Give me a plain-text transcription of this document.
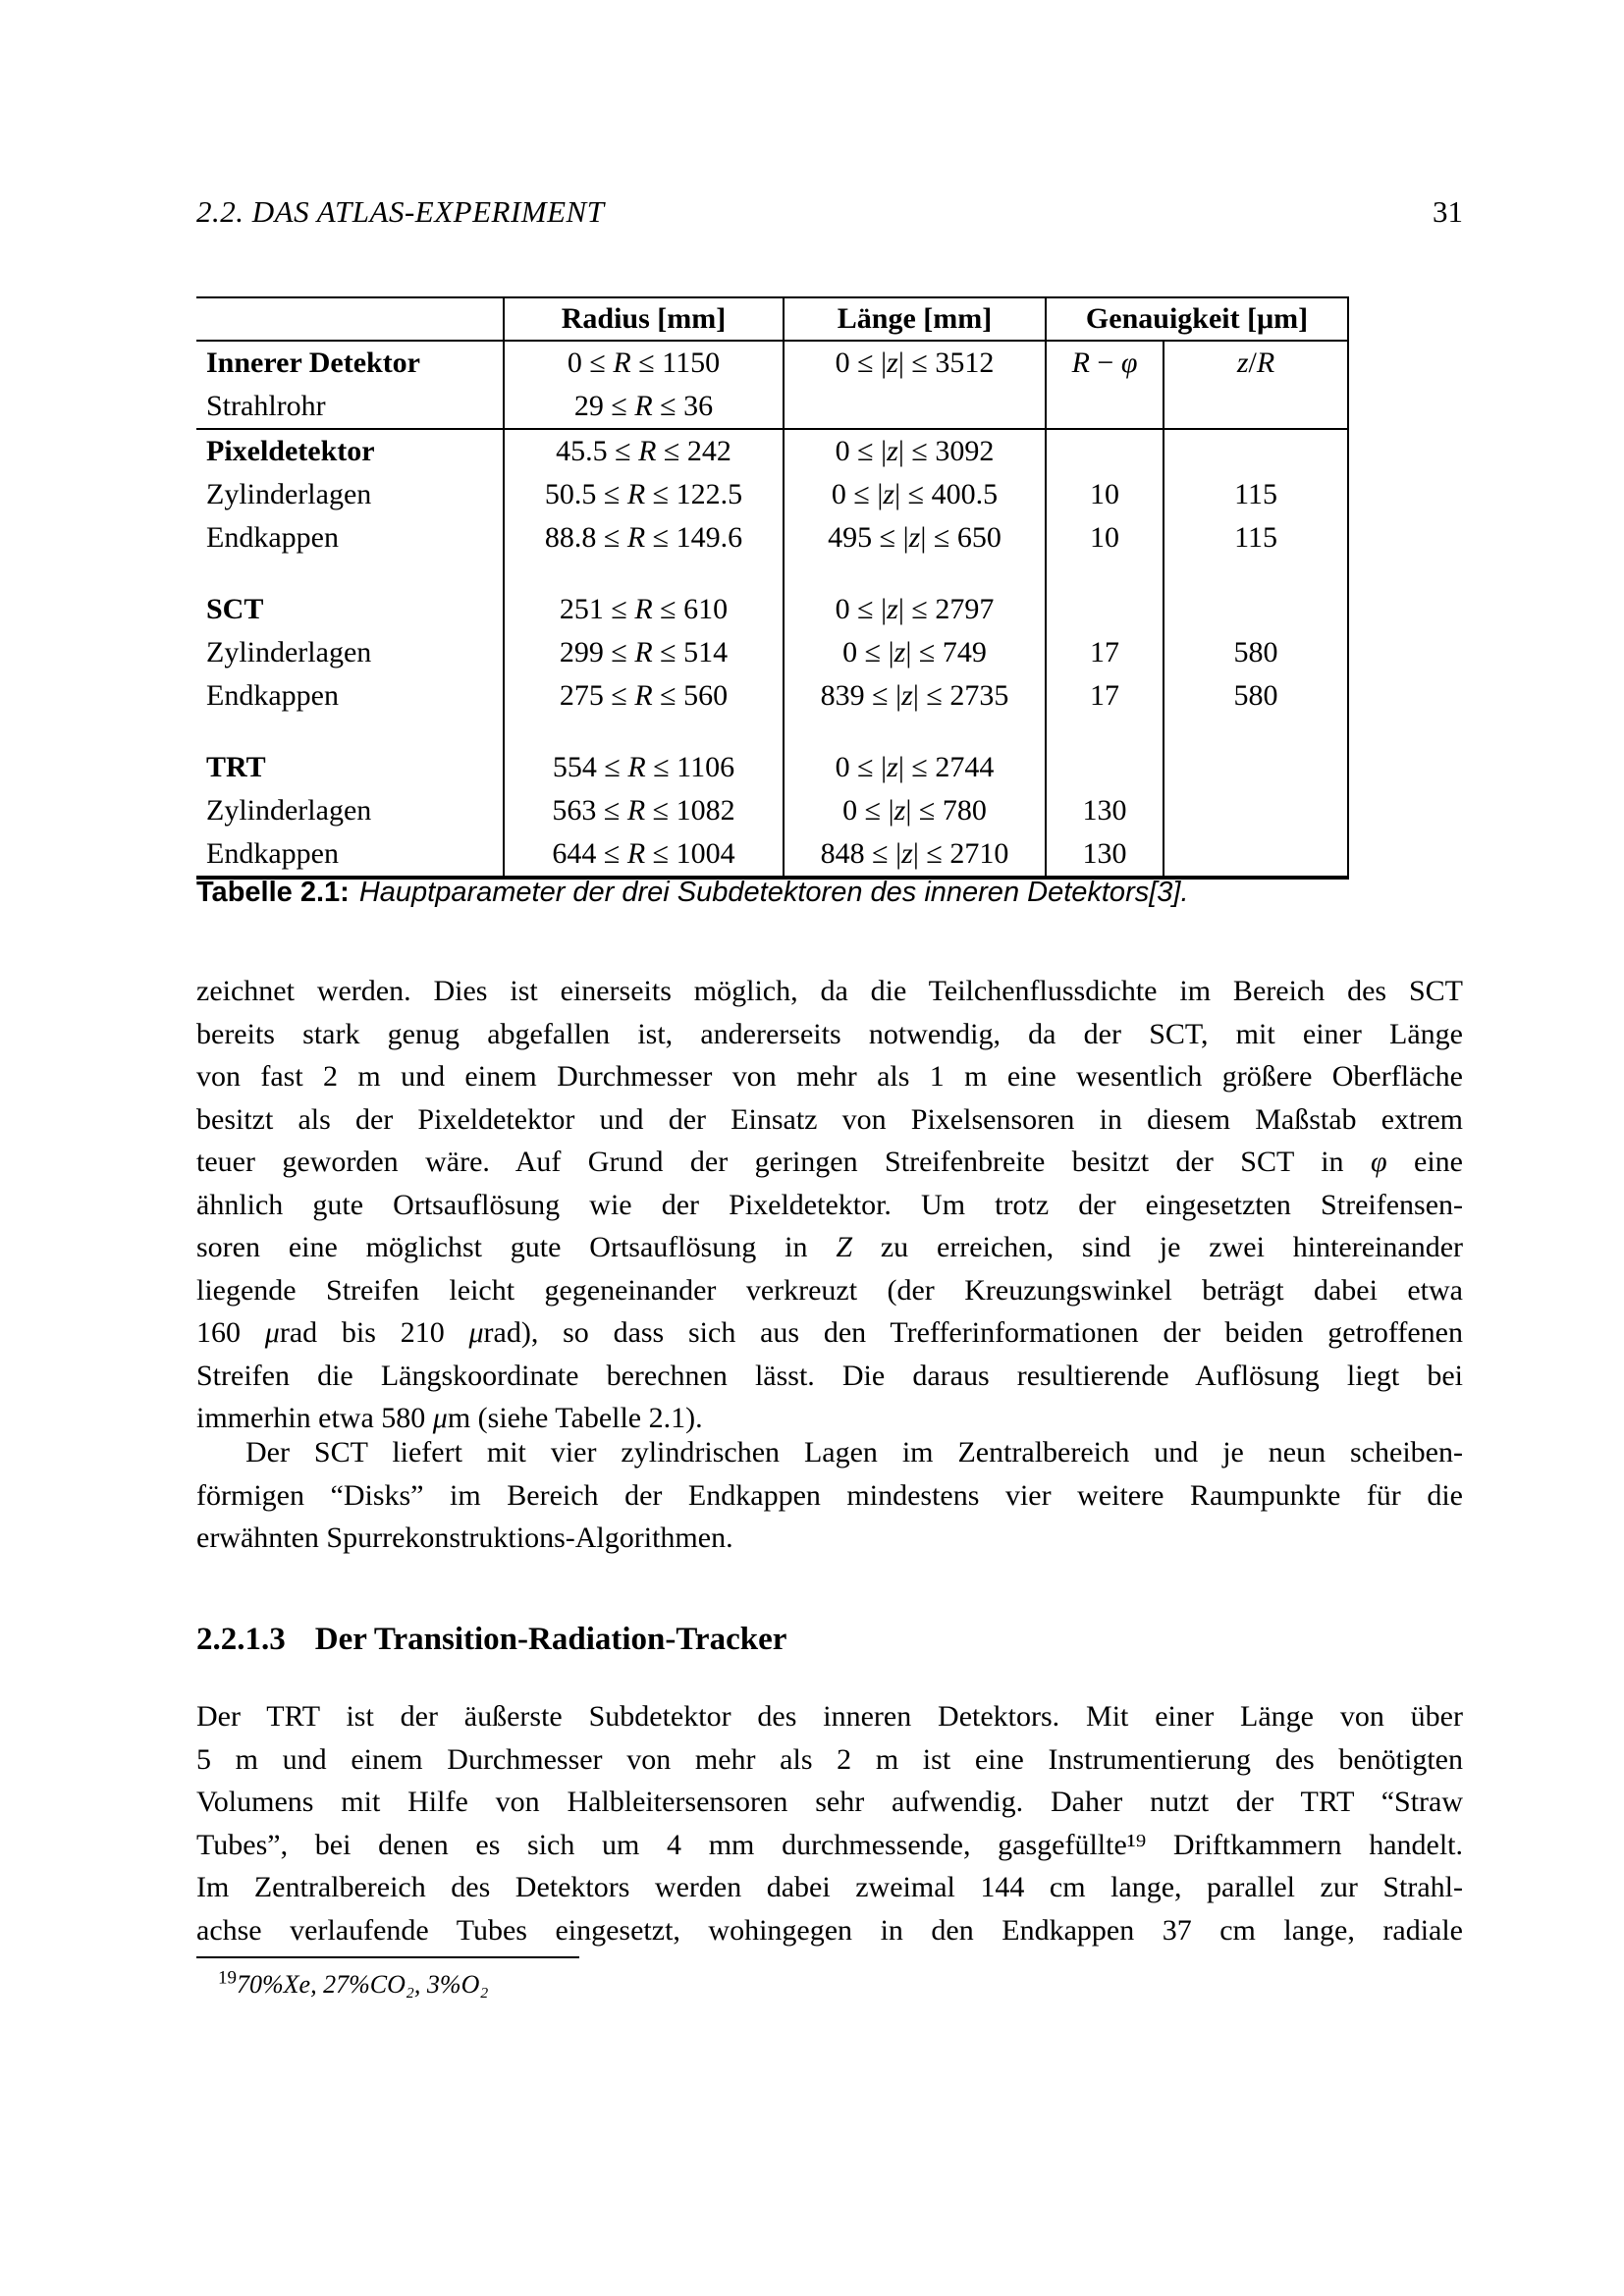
2.2. DAS ATLAS-EXPERIMENT	31
	Radius [mm]	Länge [mm]	Genauigkeit [μm]	
Innerer Detektor	0 ≤ R ≤ 1150	0 ≤ |z| ≤ 3512	R − φ	z/R
Strahlrohr	29 ≤ R ≤ 36			
Pixeldetektor	45.5 ≤ R ≤ 242	0 ≤ |z| ≤ 3092		
Zylinderlagen	50.5 ≤ R ≤ 122.5	0 ≤ |z| ≤ 400.5	10	115
Endkappen	88.8 ≤ R ≤ 149.6	495 ≤ |z| ≤ 650	10	115

SCT	251 ≤ R ≤ 610	0 ≤ |z| ≤ 2797		
Zylinderlagen	299 ≤ R ≤ 514	0 ≤ |z| ≤ 749	17	580
Endkappen	275 ≤ R ≤ 560	839 ≤ |z| ≤ 2735	17	580

TRT	554 ≤ R ≤ 1106	0 ≤ |z| ≤ 2744		
Zylinderlagen	563 ≤ R ≤ 1082	0 ≤ |z| ≤ 780	130	
Endkappen	644 ≤ R ≤ 1004	848 ≤ |z| ≤ 2710	130	
Tabelle 2.1: Hauptparameter der drei Subdetektoren des inneren Detektors[3].
zeichnet werden. Dies ist einerseits möglich, da die Teilchenflussdichte im Bereich des SCT
bereits stark genug abgefallen ist, andererseits notwendig, da der SCT, mit einer Länge
von fast 2 m und einem Durchmesser von mehr als 1 m eine wesentlich größere Oberfläche
besitzt als der Pixeldetektor und der Einsatz von Pixelsensoren in diesem Maßstab extrem
teuer geworden wäre. Auf Grund der geringen Streifenbreite besitzt der SCT in φ eine
ähnlich gute Ortsauflösung wie der Pixeldetektor. Um trotz der eingesetzten Streifensen-
soren eine möglichst gute Ortsauflösung in Z zu erreichen, sind je zwei hintereinander
liegende Streifen leicht gegeneinander verkreuzt (der Kreuzungswinkel beträgt dabei etwa
160 μrad bis 210 μrad), so dass sich aus den Trefferinformationen der beiden getroffenen
Streifen die Längskoordinate berechnen lässt. Die daraus resultierende Auflösung liegt bei
immerhin etwa 580 μm (siehe Tabelle 2.1).
Der SCT liefert mit vier zylindrischen Lagen im Zentralbereich und je neun scheiben-
förmigen “Disks” im Bereich der Endkappen mindestens vier weitere Raumpunkte für die
erwähnten Spurrekonstruktions-Algorithmen.
2.2.1.3 Der Transition-Radiation-Tracker
Der TRT ist der äußerste Subdetektor des inneren Detektors. Mit einer Länge von über
5 m und einem Durchmesser von mehr als 2 m ist eine Instrumentierung des benötigten
Volumens mit Hilfe von Halbleitersensoren sehr aufwendig. Daher nutzt der TRT “Straw
Tubes”, bei denen es sich um 4 mm durchmessende, gasgefüllte¹⁹ Driftkammern handelt.
Im Zentralbereich des Detektors werden dabei zweimal 144 cm lange, parallel zur Strahl-
achse verlaufende Tubes eingesetzt, wohingegen in den Endkappen 37 cm lange, radiale
$^{19}$70%Xe, 27%CO₂, 3%O₂
